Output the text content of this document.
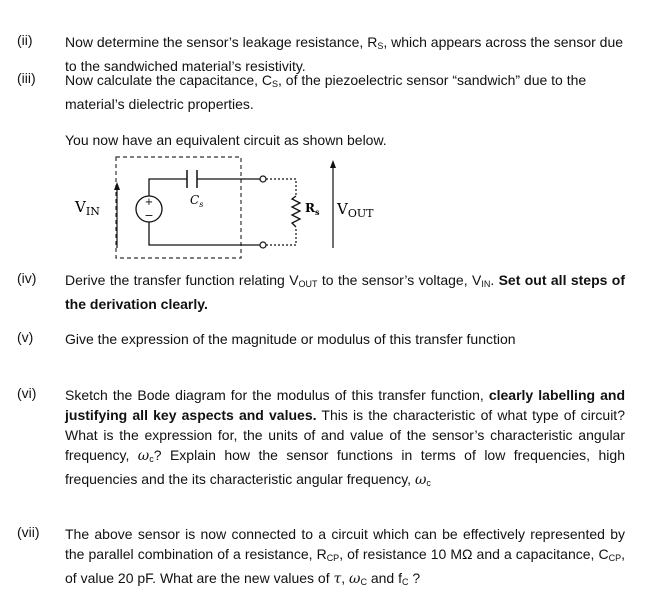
(ii) Now determine the sensor’s leakage resistance, $R_S$, which appears across the sensor due to the sandwiched material’s resistivity.
(iii) Now calculate the capacitance, $C_S$, of the piezoelectric sensor “sandwich” due to the material’s dielectric properties.
You now have an equivalent circuit as shown below.
+
−
$C_s$	$R_s$ $V_{OUT}$
$V_{IN}$
(iv) Derive the transfer function relating $V_{OUT}$ to the sensor’s voltage, $V_{IN}$. Set out all steps of the derivation clearly.
(v) Give the expression of the magnitude or modulus of this transfer function
(vi) Sketch the Bode diagram for the modulus of this transfer function, clearly labelling and justifying all key aspects and values. This is the characteristic of what type of circuit? What is the expression for, the units of and value of the sensor’s characteristic angular frequency, $\omega_c$? Explain how the sensor functions in terms of low frequencies, high frequencies and the its characteristic angular frequency, $\omega_c$
(vii) The above sensor is now connected to a circuit which can be effectively represented by the parallel combination of a resistance, $R_{CP}$, of resistance 10 MΩ and a capacitance, $C_{CP}$, of value 20 pF. What are the new values of τ, $\omega_C$ and $f_C$ ?
